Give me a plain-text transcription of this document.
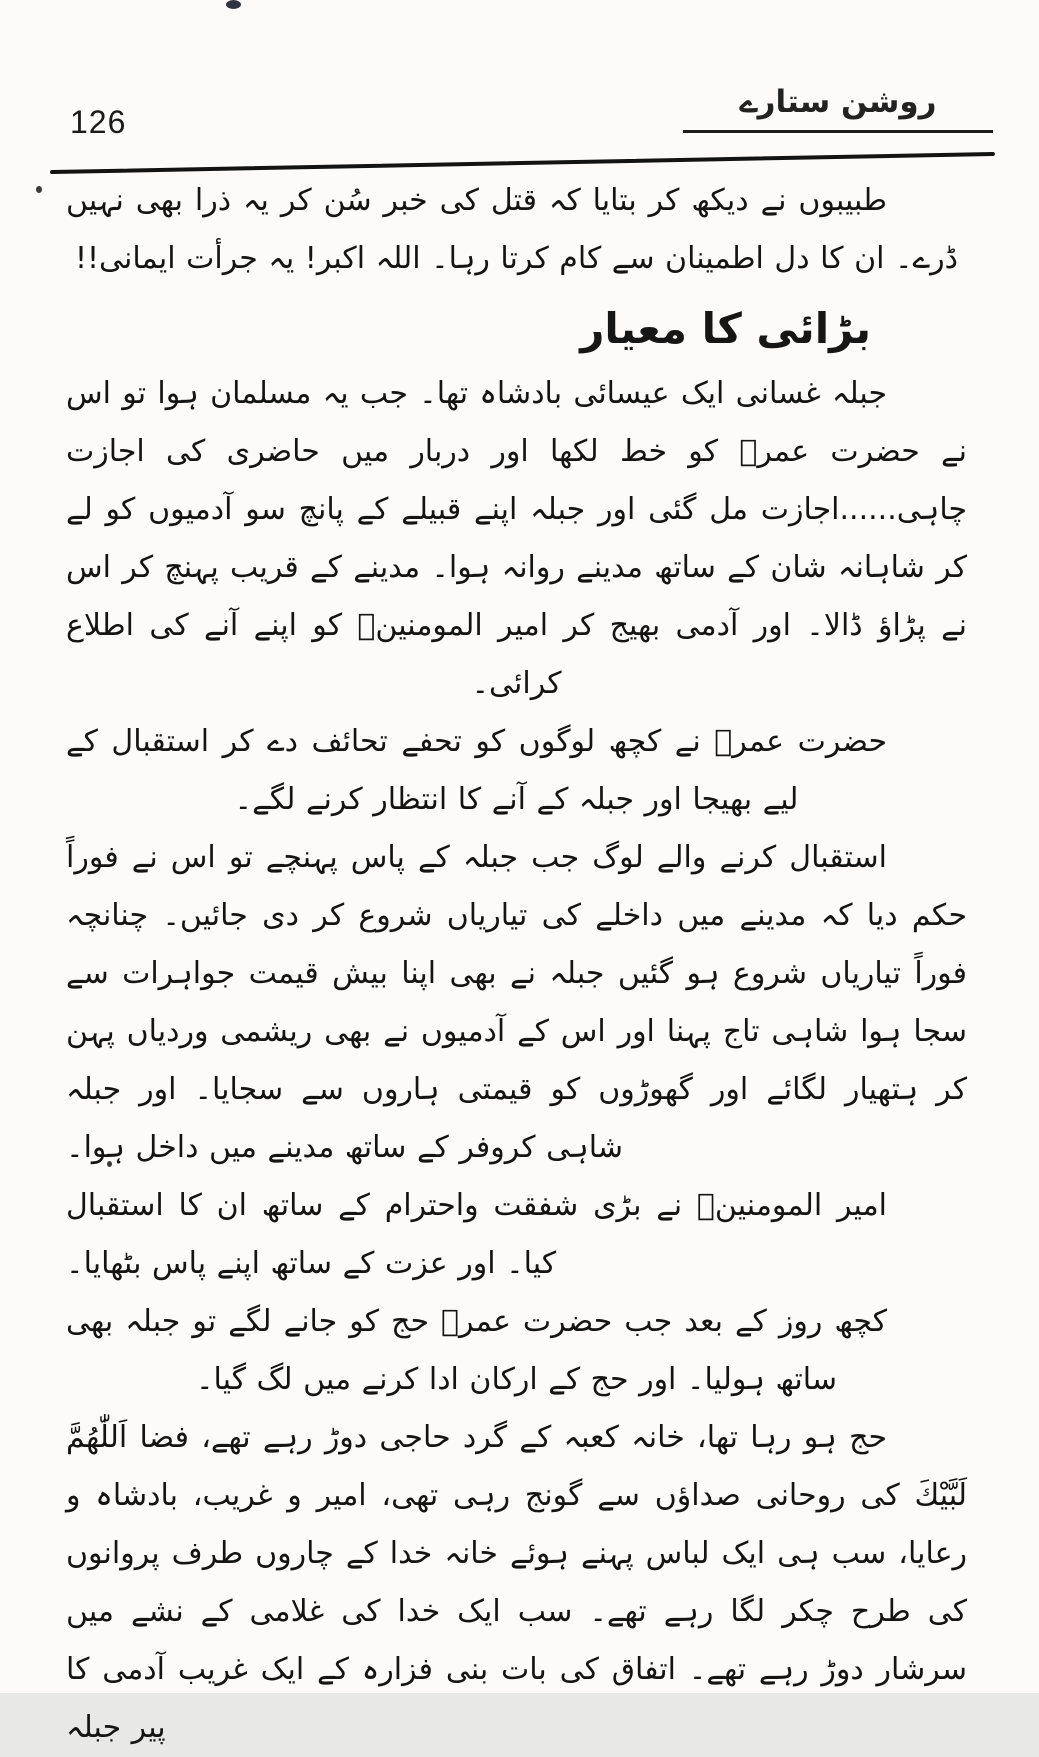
126
روشن ستارے

طبیبوں نے دیکھ کر بتایا کہ قتل کی خبر سُن کر یہ ذرا بھی نہیں ڈرے۔ ان کا دل اطمینان سے کام کرتا رہا۔ اللہ اکبر! یہ جرأت ایمانی!!

بڑائی کا معیار

جبلہ غسانی ایک عیسائی بادشاہ تھا۔ جب یہ مسلمان ہوا تو اس نے حضرت عمرؓ کو خط لکھا اور دربار میں حاضری کی اجازت چاہی......اجازت مل گئی اور جبلہ اپنے قبیلے کے پانچ سو آدمیوں کو لے کر شاہانہ شان کے ساتھ مدینے روانہ ہوا۔ مدینے کے قریب پہنچ کر اس نے پڑاؤ ڈالا۔ اور آدمی بھیج کر امیر المومنینؓ کو اپنے آنے کی اطلاع کرائی۔

حضرت عمرؓ نے کچھ لوگوں کو تحفے تحائف دے کر استقبال کے لیے بھیجا اور جبلہ کے آنے کا انتظار کرنے لگے۔

استقبال کرنے والے لوگ جب جبلہ کے پاس پہنچے تو اس نے فوراً حکم دیا کہ مدینے میں داخلے کی تیاریاں شروع کر دی جائیں۔ چنانچہ فوراً تیاریاں شروع ہو گئیں جبلہ نے بھی اپنا بیش قیمت جواہرات سے سجا ہوا شاہی تاج پہنا اور اس کے آدمیوں نے بھی ریشمی وردیاں پہن کر ہتھیار لگائے اور گھوڑوں کو قیمتی ہاروں سے سجایا۔ اور جبلہ شاہی کروفر کے ساتھ مدینے میں داخل ہوا۔

امیر المومنینؓ نے بڑی شفقت واحترام کے ساتھ ان کا استقبال کیا۔ اور عزت کے ساتھ اپنے پاس بٹھایا۔

کچھ روز کے بعد جب حضرت عمرؓ حج کو جانے لگے تو جبلہ بھی ساتھ ہولیا۔ اور حج کے ارکان ادا کرنے میں لگ گیا۔

حج ہو رہا تھا، خانہ کعبہ کے گرد حاجی دوڑ رہے تھے، فضا اَللّٰهُمَّ لَبَّيْكَ کی روحانی صداؤں سے گونج رہی تھی، امیر و غریب، بادشاہ و رعایا، سب ہی ایک لباس پہنے ہوئے خانہ خدا کے چاروں طرف پروانوں کی طرح چکر لگا رہے تھے۔ سب ایک خدا کی غلامی کے نشے میں سرشار دوڑ رہے تھے۔ اتفاق کی بات بنی فزارہ کے ایک غریب آدمی کا پیر جبلہ
